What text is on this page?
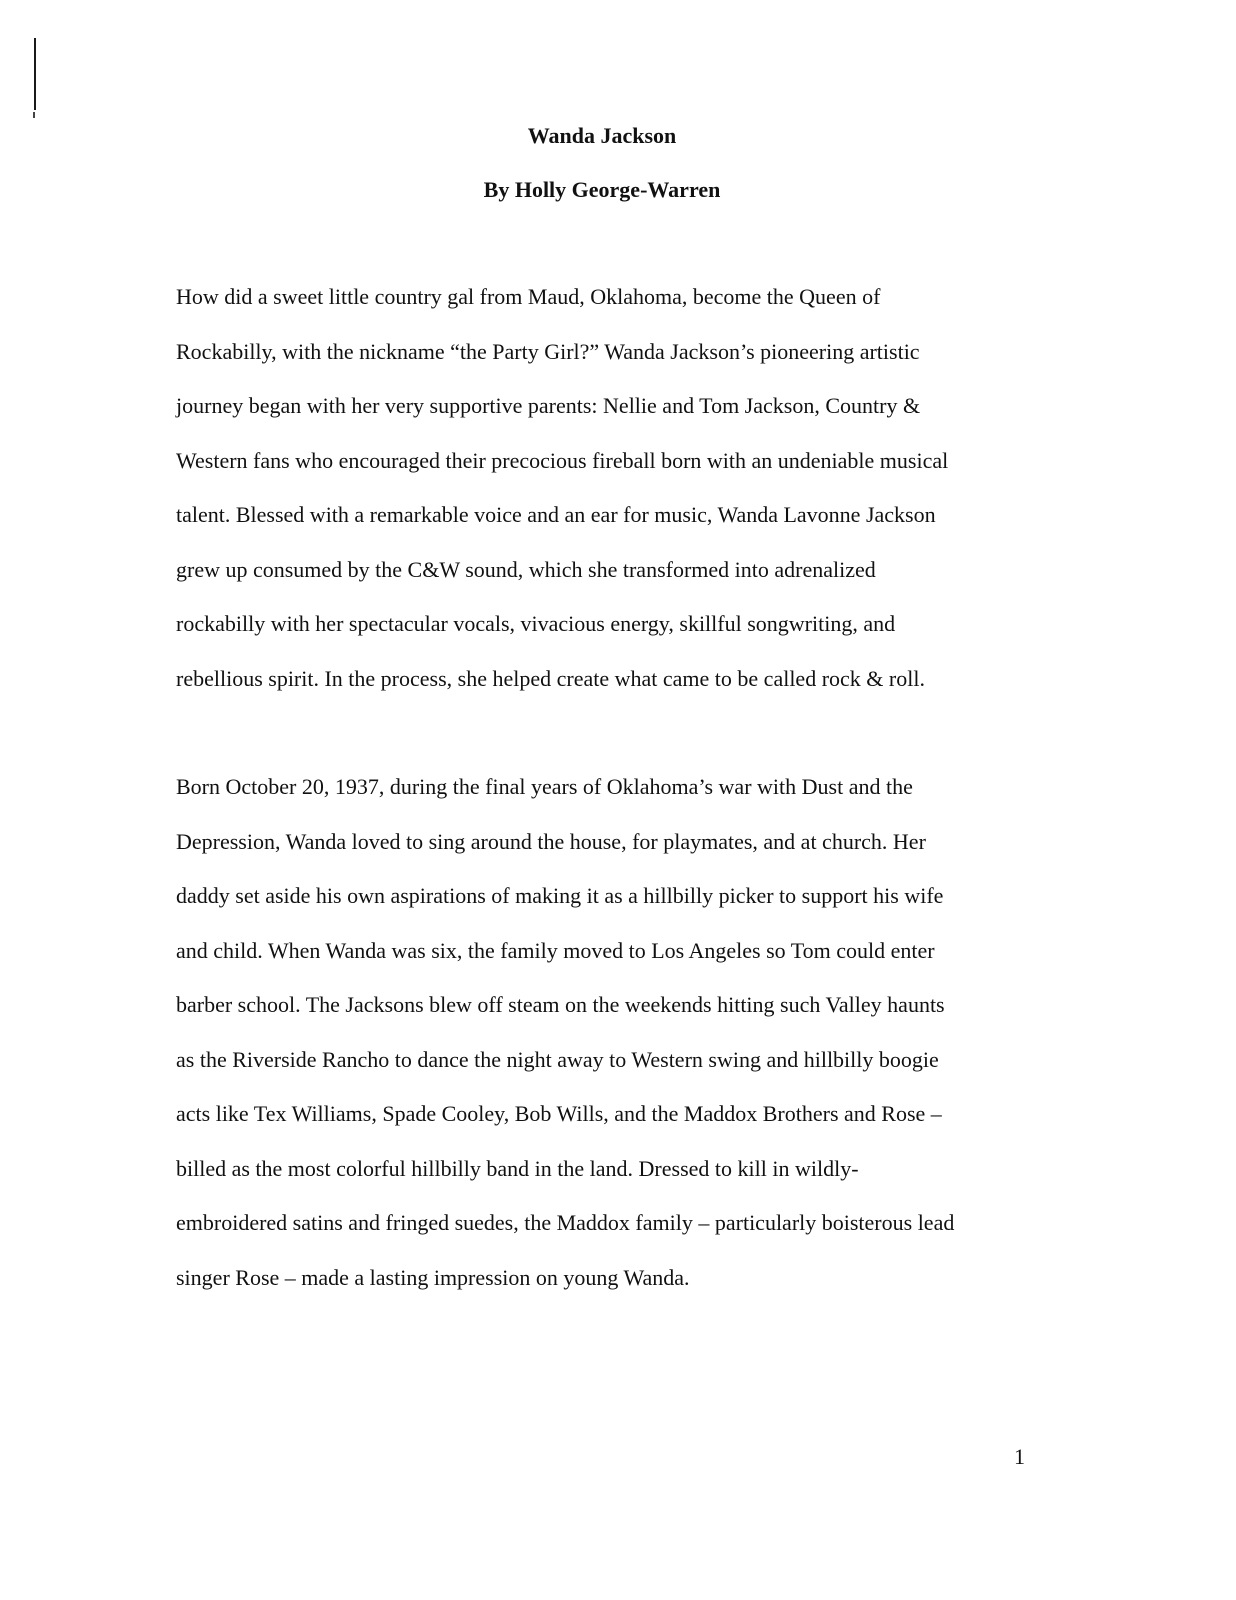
Wanda Jackson
By Holly George-Warren

How did a sweet little country gal from Maud, Oklahoma, become the Queen of
Rockabilly, with the nickname “the Party Girl?” Wanda Jackson’s pioneering artistic
journey began with her very supportive parents: Nellie and Tom Jackson, Country &
Western fans who encouraged their precocious fireball born with an undeniable musical
talent. Blessed with a remarkable voice and an ear for music, Wanda Lavonne Jackson
grew up consumed by the C&W sound, which she transformed into adrenalized
rockabilly with her spectacular vocals, vivacious energy, skillful songwriting, and
rebellious spirit. In the process, she helped create what came to be called rock & roll.

Born October 20, 1937, during the final years of Oklahoma’s war with Dust and the
Depression, Wanda loved to sing around the house, for playmates, and at church. Her
daddy set aside his own aspirations of making it as a hillbilly picker to support his wife
and child. When Wanda was six, the family moved to Los Angeles so Tom could enter
barber school. The Jacksons blew off steam on the weekends hitting such Valley haunts
as the Riverside Rancho to dance the night away to Western swing and hillbilly boogie
acts like Tex Williams, Spade Cooley, Bob Wills, and the Maddox Brothers and Rose –
billed as the most colorful hillbilly band in the land. Dressed to kill in wildly-
embroidered satins and fringed suedes, the Maddox family – particularly boisterous lead
singer Rose – made a lasting impression on young Wanda.

1
